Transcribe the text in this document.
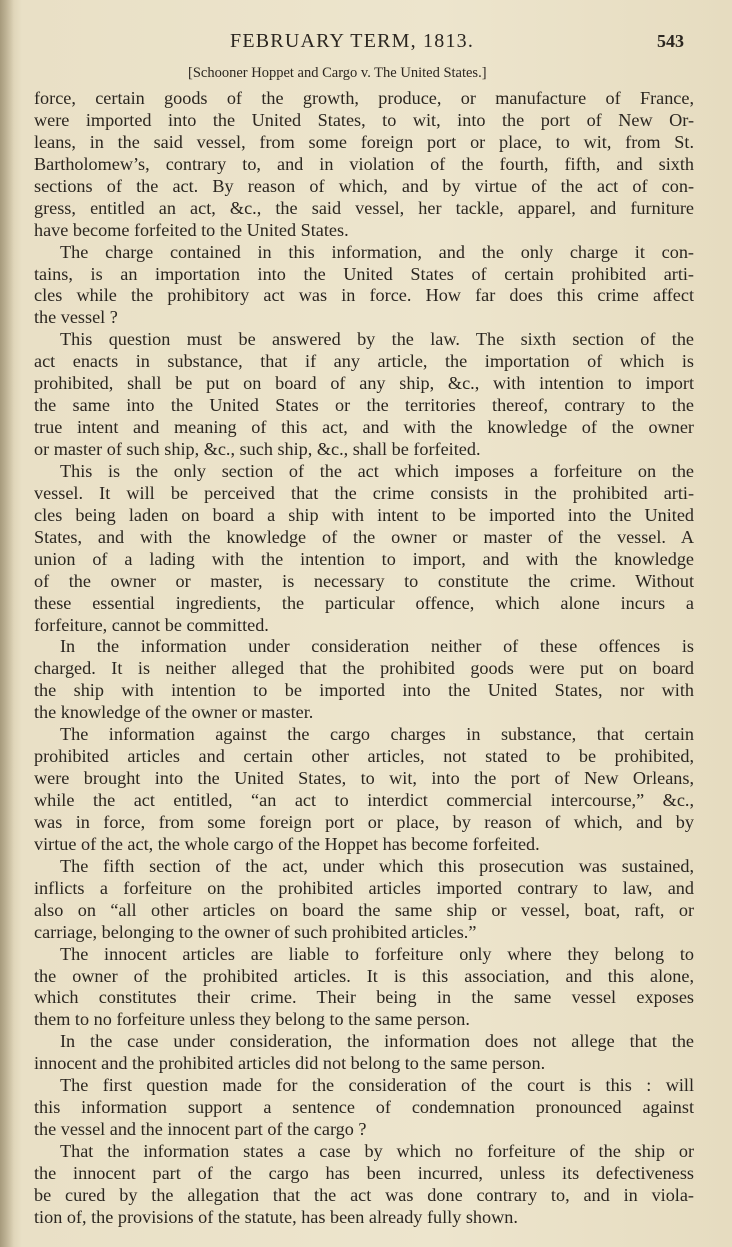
FEBRUARY TERM, 1813.	543
[Schooner Hoppet and Cargo v. The United States.]
force, certain goods of the growth, produce, or manufacture of France,
were imported into the United States, to wit, into the port of New Or-
leans, in the said vessel, from some foreign port or place, to wit, from St.
Bartholomew’s, contrary to, and in violation of the fourth, fifth, and sixth
sections of the act. By reason of which, and by virtue of the act of con-
gress, entitled an act, &c., the said vessel, her tackle, apparel, and furniture
have become forfeited to the United States.
The charge contained in this information, and the only charge it con-
tains, is an importation into the United States of certain prohibited arti-
cles while the prohibitory act was in force. How far does this crime affect
the vessel ?
This question must be answered by the law. The sixth section of the
act enacts in substance, that if any article, the importation of which is
prohibited, shall be put on board of any ship, &c., with intention to import
the same into the United States or the territories thereof, contrary to the
true intent and meaning of this act, and with the knowledge of the owner
or master of such ship, &c., such ship, &c., shall be forfeited.
This is the only section of the act which imposes a forfeiture on the
vessel. It will be perceived that the crime consists in the prohibited arti-
cles being laden on board a ship with intent to be imported into the United
States, and with the knowledge of the owner or master of the vessel. A
union of a lading with the intention to import, and with the knowledge
of the owner or master, is necessary to constitute the crime. Without
these essential ingredients, the particular offence, which alone incurs a
forfeiture, cannot be committed.
In the information under consideration neither of these offences is
charged. It is neither alleged that the prohibited goods were put on board
the ship with intention to be imported into the United States, nor with
the knowledge of the owner or master.
The information against the cargo charges in substance, that certain
prohibited articles and certain other articles, not stated to be prohibited,
were brought into the United States, to wit, into the port of New Orleans,
while the act entitled, “an act to interdict commercial intercourse,” &c.,
was in force, from some foreign port or place, by reason of which, and by
virtue of the act, the whole cargo of the Hoppet has become forfeited.
The fifth section of the act, under which this prosecution was sustained,
inflicts a forfeiture on the prohibited articles imported contrary to law, and
also on “all other articles on board the same ship or vessel, boat, raft, or
carriage, belonging to the owner of such prohibited articles.”
The innocent articles are liable to forfeiture only where they belong to
the owner of the prohibited articles. It is this association, and this alone,
which constitutes their crime. Their being in the same vessel exposes
them to no forfeiture unless they belong to the same person.
In the case under consideration, the information does not allege that the
innocent and the prohibited articles did not belong to the same person.
The first question made for the consideration of the court is this : will
this information support a sentence of condemnation pronounced against
the vessel and the innocent part of the cargo ?
That the information states a case by which no forfeiture of the ship or
the innocent part of the cargo has been incurred, unless its defectiveness
be cured by the allegation that the act was done contrary to, and in viola-
tion of, the provisions of the statute, has been already fully shown.
